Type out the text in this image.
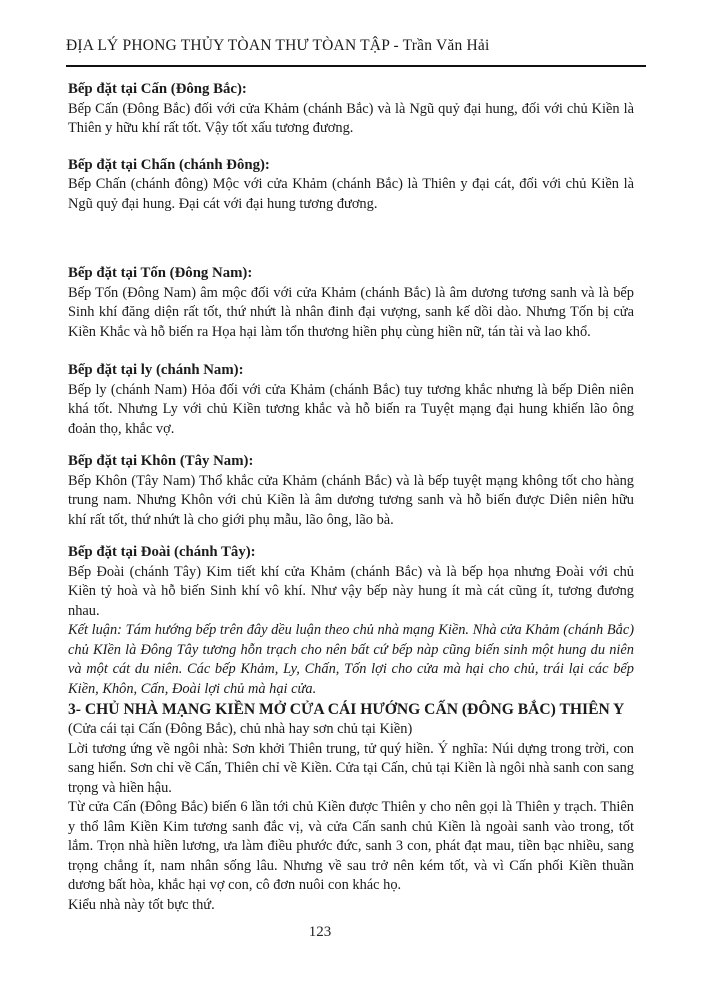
ĐỊA LÝ PHONG THỦY TÒAN THƯ TÒAN TẬP - Trần Văn Hải
Bếp đặt tại Cấn (Đông Bắc):

Bếp Cấn (Đông Bắc) đối với cửa Khảm (chánh Bắc) và là Ngũ quỷ đại hung, đối với chủ Kiền là Thiên y hữu khí rất tốt. Vậy tốt xấu tương đương.

Bếp đặt tại Chấn (chánh Đông):

Bếp Chấn (chánh đông) Mộc với cửa Khảm (chánh Bắc) là Thiên y đại cát, đối với chủ Kiền là Ngũ quỷ đại hung. Đại cát với đại hung tương đương.

Bếp đặt tại Tốn (Đông Nam):

Bếp Tốn (Đông Nam) âm mộc đối với cửa Khảm (chánh Bắc) là âm dương tương sanh và là bếp Sinh khí đăng diện rất tốt, thứ nhứt là nhân đinh đại vượng, sanh kế dồi dào. Nhưng Tốn bị cửa Kiền Khắc và hỗ biến ra Họa hại làm tổn thương hiền phụ cùng hiền nữ, tán tài và lao khổ.

Bếp đặt tại ly (chánh Nam):

Bếp ly (chánh Nam) Hỏa đối với cửa Khảm (chánh Bắc) tuy tương khắc nhưng là bếp Diên niên khá tốt. Nhưng Ly với chủ Kiền tương khắc và hỗ biến ra Tuyệt mạng đại hung khiến lão ông đoản thọ, khắc vợ.

Bếp đặt tại Khôn (Tây Nam):

Bếp Khôn (Tây Nam) Thổ khắc cửa Khảm (chánh Bắc) và là bếp tuyệt mạng không tốt cho hàng trung nam. Nhưng Khôn với chủ Kiền là âm dương tương sanh và hỗ biến được Diên niên hữu khí rất tốt, thứ nhứt là cho giới phụ mẫu, lão ông, lão bà.

Bếp đặt tại Đoài (chánh Tây):

Bếp Đoài (chánh Tây) Kim tiết khí cửa Khảm (chánh Bắc) và là bếp họa nhưng Đoài với chủ Kiền tỷ hoà và hỗ biến Sinh khí vô khí. Như vậy bếp này hung ít mà cát cũng ít, tương đương nhau.

Kết luận: Tám hướng bếp trên đây dều luận theo chủ nhà mạng Kiền. Nhà cửa Khảm (chánh Bắc) chủ KIền là Đông Tây tương hỗn trạch cho nên bất cứ bếp nàp cũng biến sinh một hung du niên và một cát du niên. Các bếp Khảm, Ly, Chấn, Tốn lợi cho cửa mà hại cho chủ, trái lại các bếp Kiền, Khôn, Cấn, Đoài lợi chủ mà hại cửa.

3- CHỦ NHÀ MẠNG KIỀN MỞ CỬA CÁI HƯỚNG CẤN (ĐÔNG BẮC) THIÊN Y

(Cửa cái tại Cấn (Đông Bắc), chủ nhà hay sơn chủ tại Kiền)

Lời tương ứng về ngôi nhà: Sơn khởi Thiên trung, tử quý hiền. Ý nghĩa: Núi dựng trong trời, con sang hiển. Sơn chỉ về Cấn, Thiên chỉ về Kiền. Cửa tại Cấn, chủ tại Kiền là ngôi nhà sanh con sang trọng và hiền hậu.

Từ cửa Cấn (Đông Bắc) biến 6 lần tới chủ Kiền được Thiên y cho nên gọi là Thiên y trạch. Thiên y thổ lâm Kiền Kim tương sanh đắc vị, và cửa Cấn sanh chủ Kiền là ngoài sanh vào trong, tốt lắm. Trọn nhà hiền lương, ưa làm điều phước đức, sanh 3 con, phát đạt mau, tiền bạc nhiều, sang trọng chẳng ít, nam nhân sống lâu. Nhưng về sau trở nên kém tốt, và vì Cấn phối Kiền thuần dương bất hòa, khắc hại vợ con, cô đơn nuôi con khác họ.

Kiểu nhà này tốt bực thứ.

123
